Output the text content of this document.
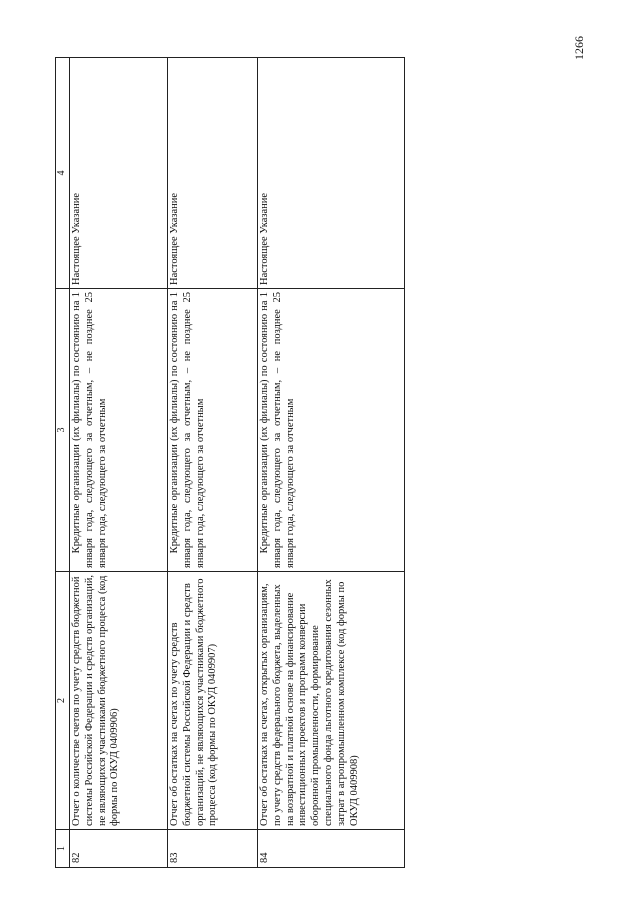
1266
1	2	3	4
82	Отчет о количестве счетов по учету средств бюджетной системы Российской Федерации и средств организаций, не являющихся участниками бюджетного процесса (код формы по ОКУД 0409906)	Кредитные организации (их филиалы) по состоянию на 1 января года, следующего за отчетным, – не позднее 25 января года, следующего за отчетным	Настоящее Указание
83	Отчет об остатках на счетах по учету средств бюджетной системы Российской Федерации и средств организаций, не являющихся участниками бюджетного процесса (код формы по ОКУД 0409907)	Кредитные организации (их филиалы) по состоянию на 1 января года, следующего за отчетным, – не позднее 25 января года, следующего за отчетным	Настоящее Указание
84	Отчет об остатках на счетах, открытых организациям, по учету средств федерального бюджета, выделенных на возвратной и платной основе на финансирование инвестиционных проектов и программ конверсии оборонной промышленности, формирование специального фонда льготного кредитования сезонных затрат в агропромышленном комплексе (код формы по ОКУД 0409908)	Кредитные организации (их филиалы) по состоянию на 1 января года, следующего за отчетным, – не позднее 25 января года, следующего за отчетным	Настоящее Указание
